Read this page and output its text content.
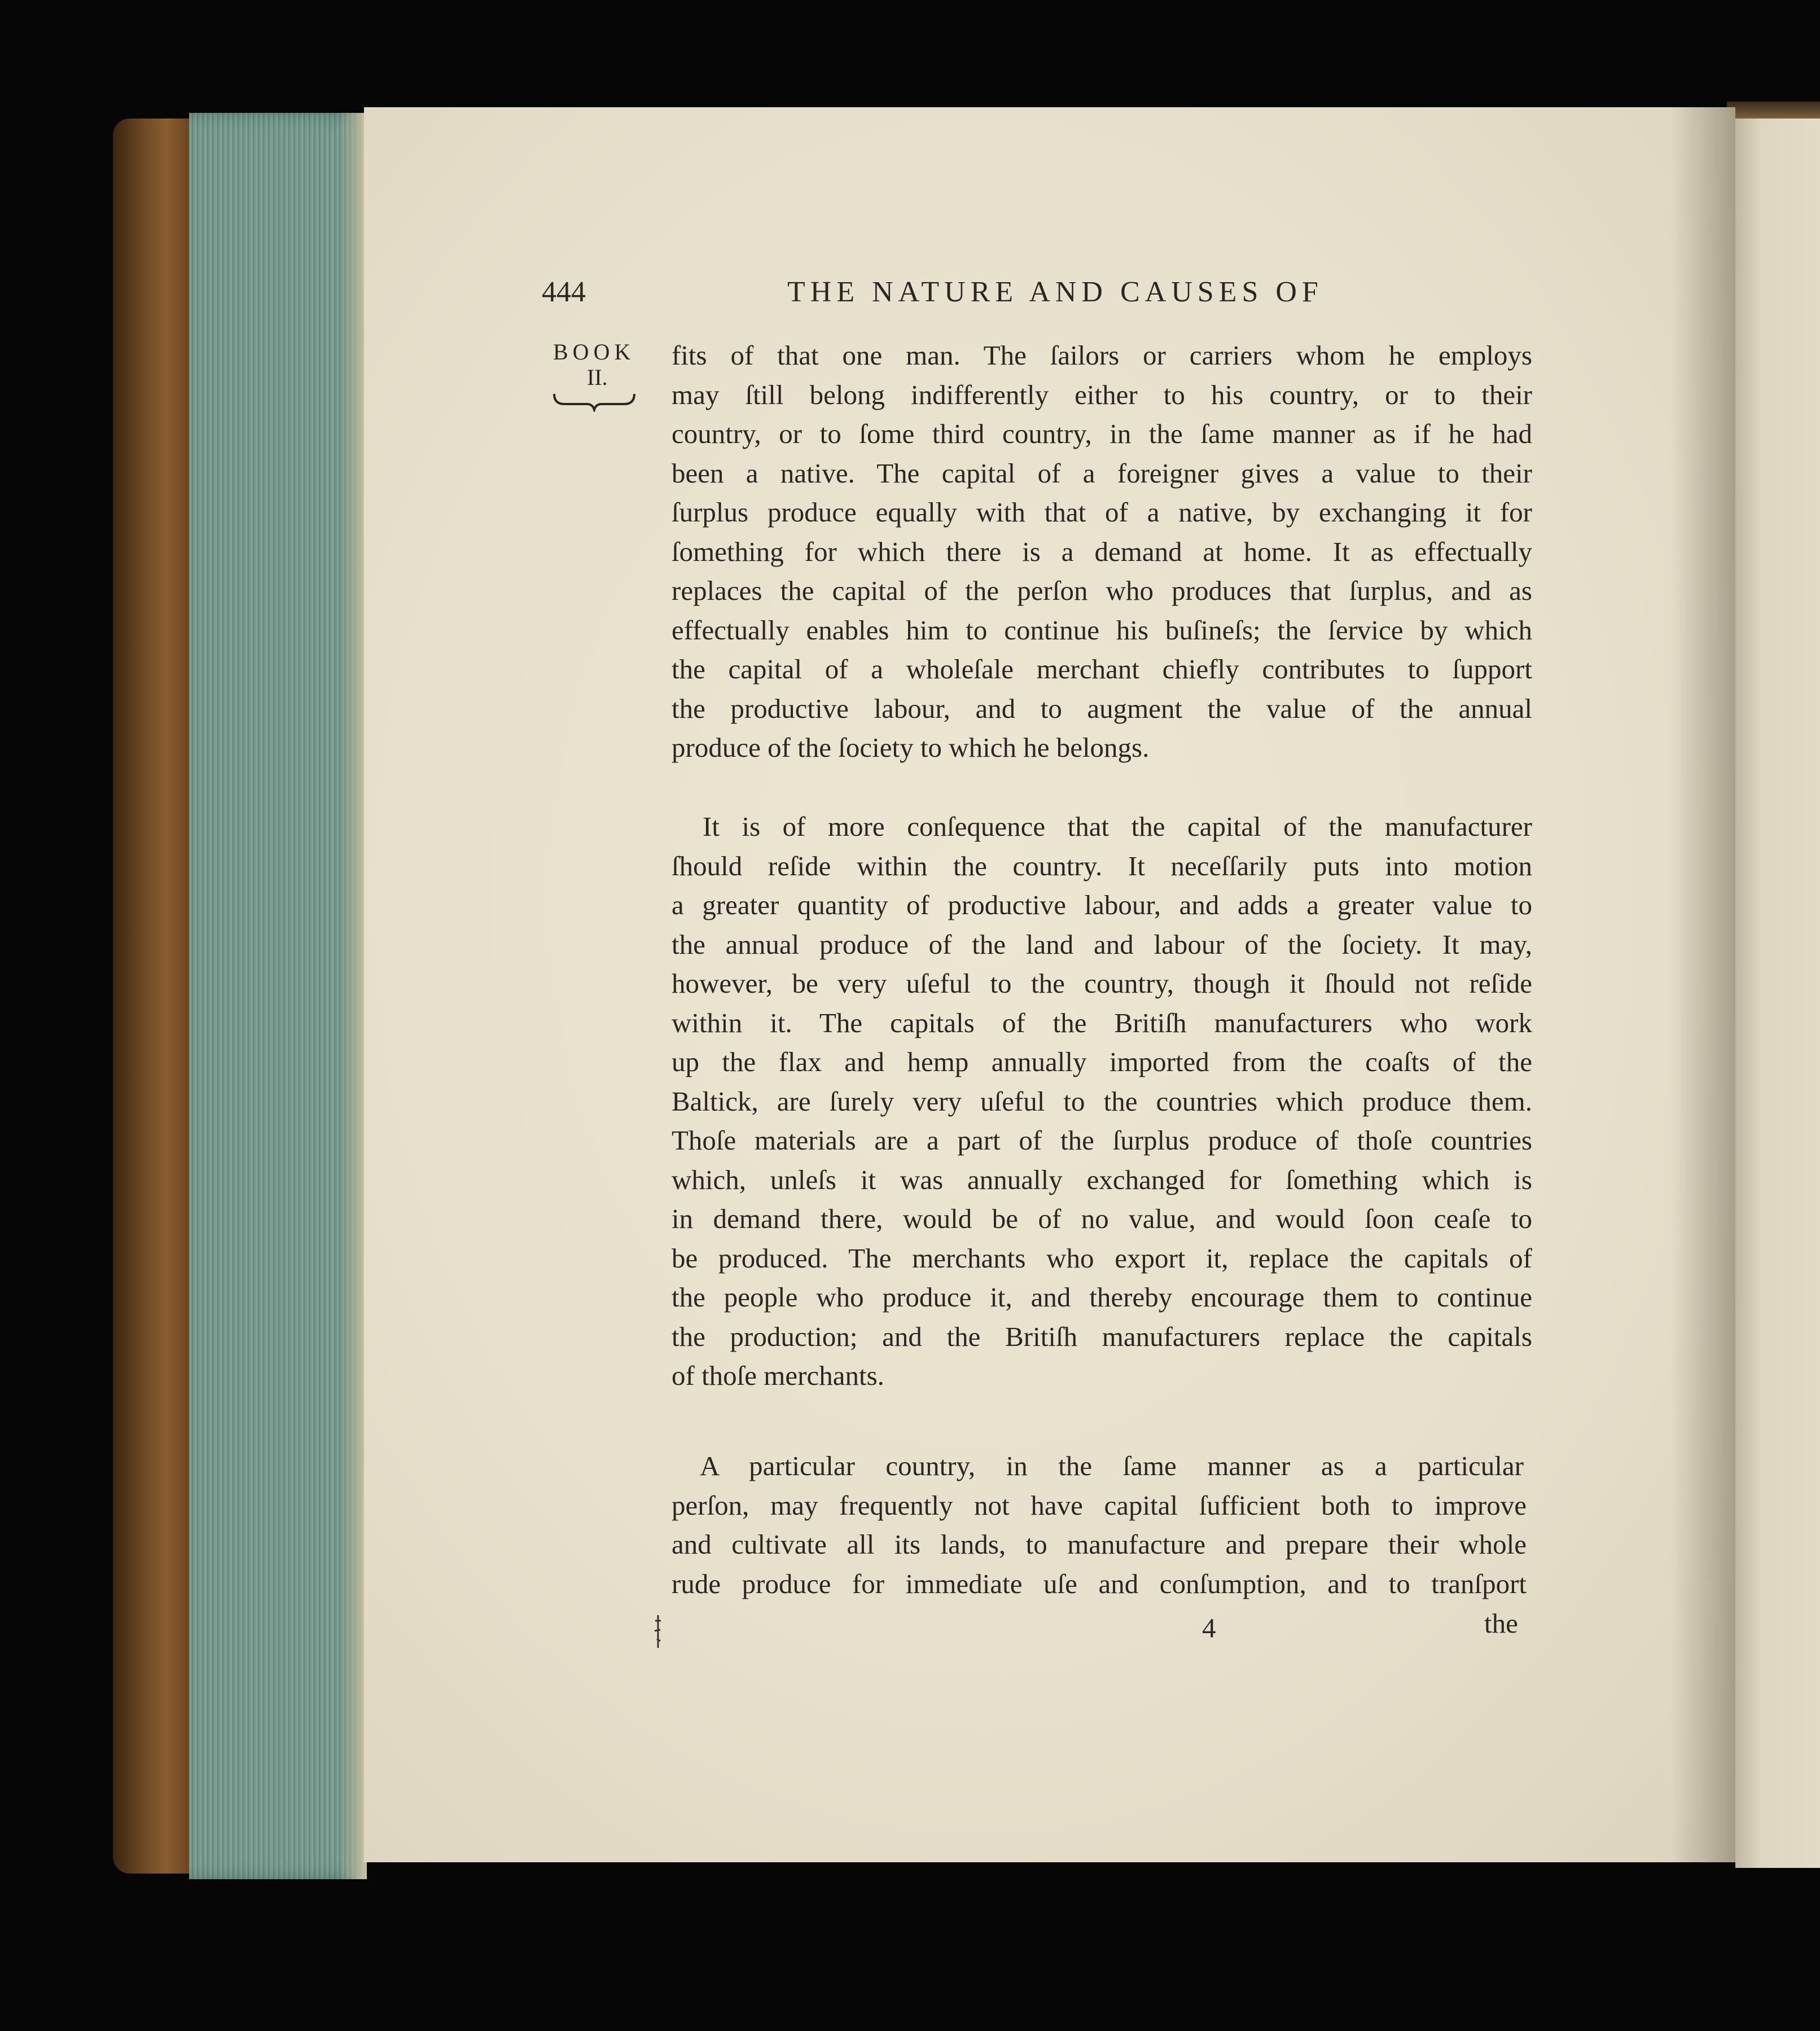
444	THE NATURE AND CAUSES OF
BOOK
II.
fits of that one man. The ſailors or carriers whom he employs
may ſtill belong indifferently either to his country, or to their
country, or to ſome third country, in the ſame manner as if he had
been a native. The capital of a foreigner gives a value to their
ſurplus produce equally with that of a native, by exchanging it for
ſomething for which there is a demand at home. It as effectually
replaces the capital of the perſon who produces that ſurplus, and as
effectually enables him to continue his buſineſs; the ſervice by which
the capital of a wholeſale merchant chiefly contributes to ſupport
the productive labour, and to augment the value of the annual
produce of the ſociety to which he belongs.
It is of more conſequence that the capital of the manufacturer
ſhould reſide within the country. It neceſſarily puts into motion
a greater quantity of productive labour, and adds a greater value to
the annual produce of the land and labour of the ſociety. It may,
however, be very uſeful to the country, though it ſhould not reſide
within it. The capitals of the Britiſh manufacturers who work
up the flax and hemp annually imported from the coaſts of the
Baltick, are ſurely very uſeful to the countries which produce them.
Thoſe materials are a part of the ſurplus produce of thoſe countries
which, unleſs it was annually exchanged for ſomething which is
in demand there, would be of no value, and would ſoon ceaſe to
be produced. The merchants who export it, replace the capitals of
the people who produce it, and thereby encourage them to continue
the production; and the Britiſh manufacturers replace the capitals
of thoſe merchants.
A particular country, in the ſame manner as a particular
perſon, may frequently not have capital ſufficient both to improve
and cultivate all its lands, to manufacture and prepare their whole
rude produce for immediate uſe and conſumption, and to tranſport
4	the
